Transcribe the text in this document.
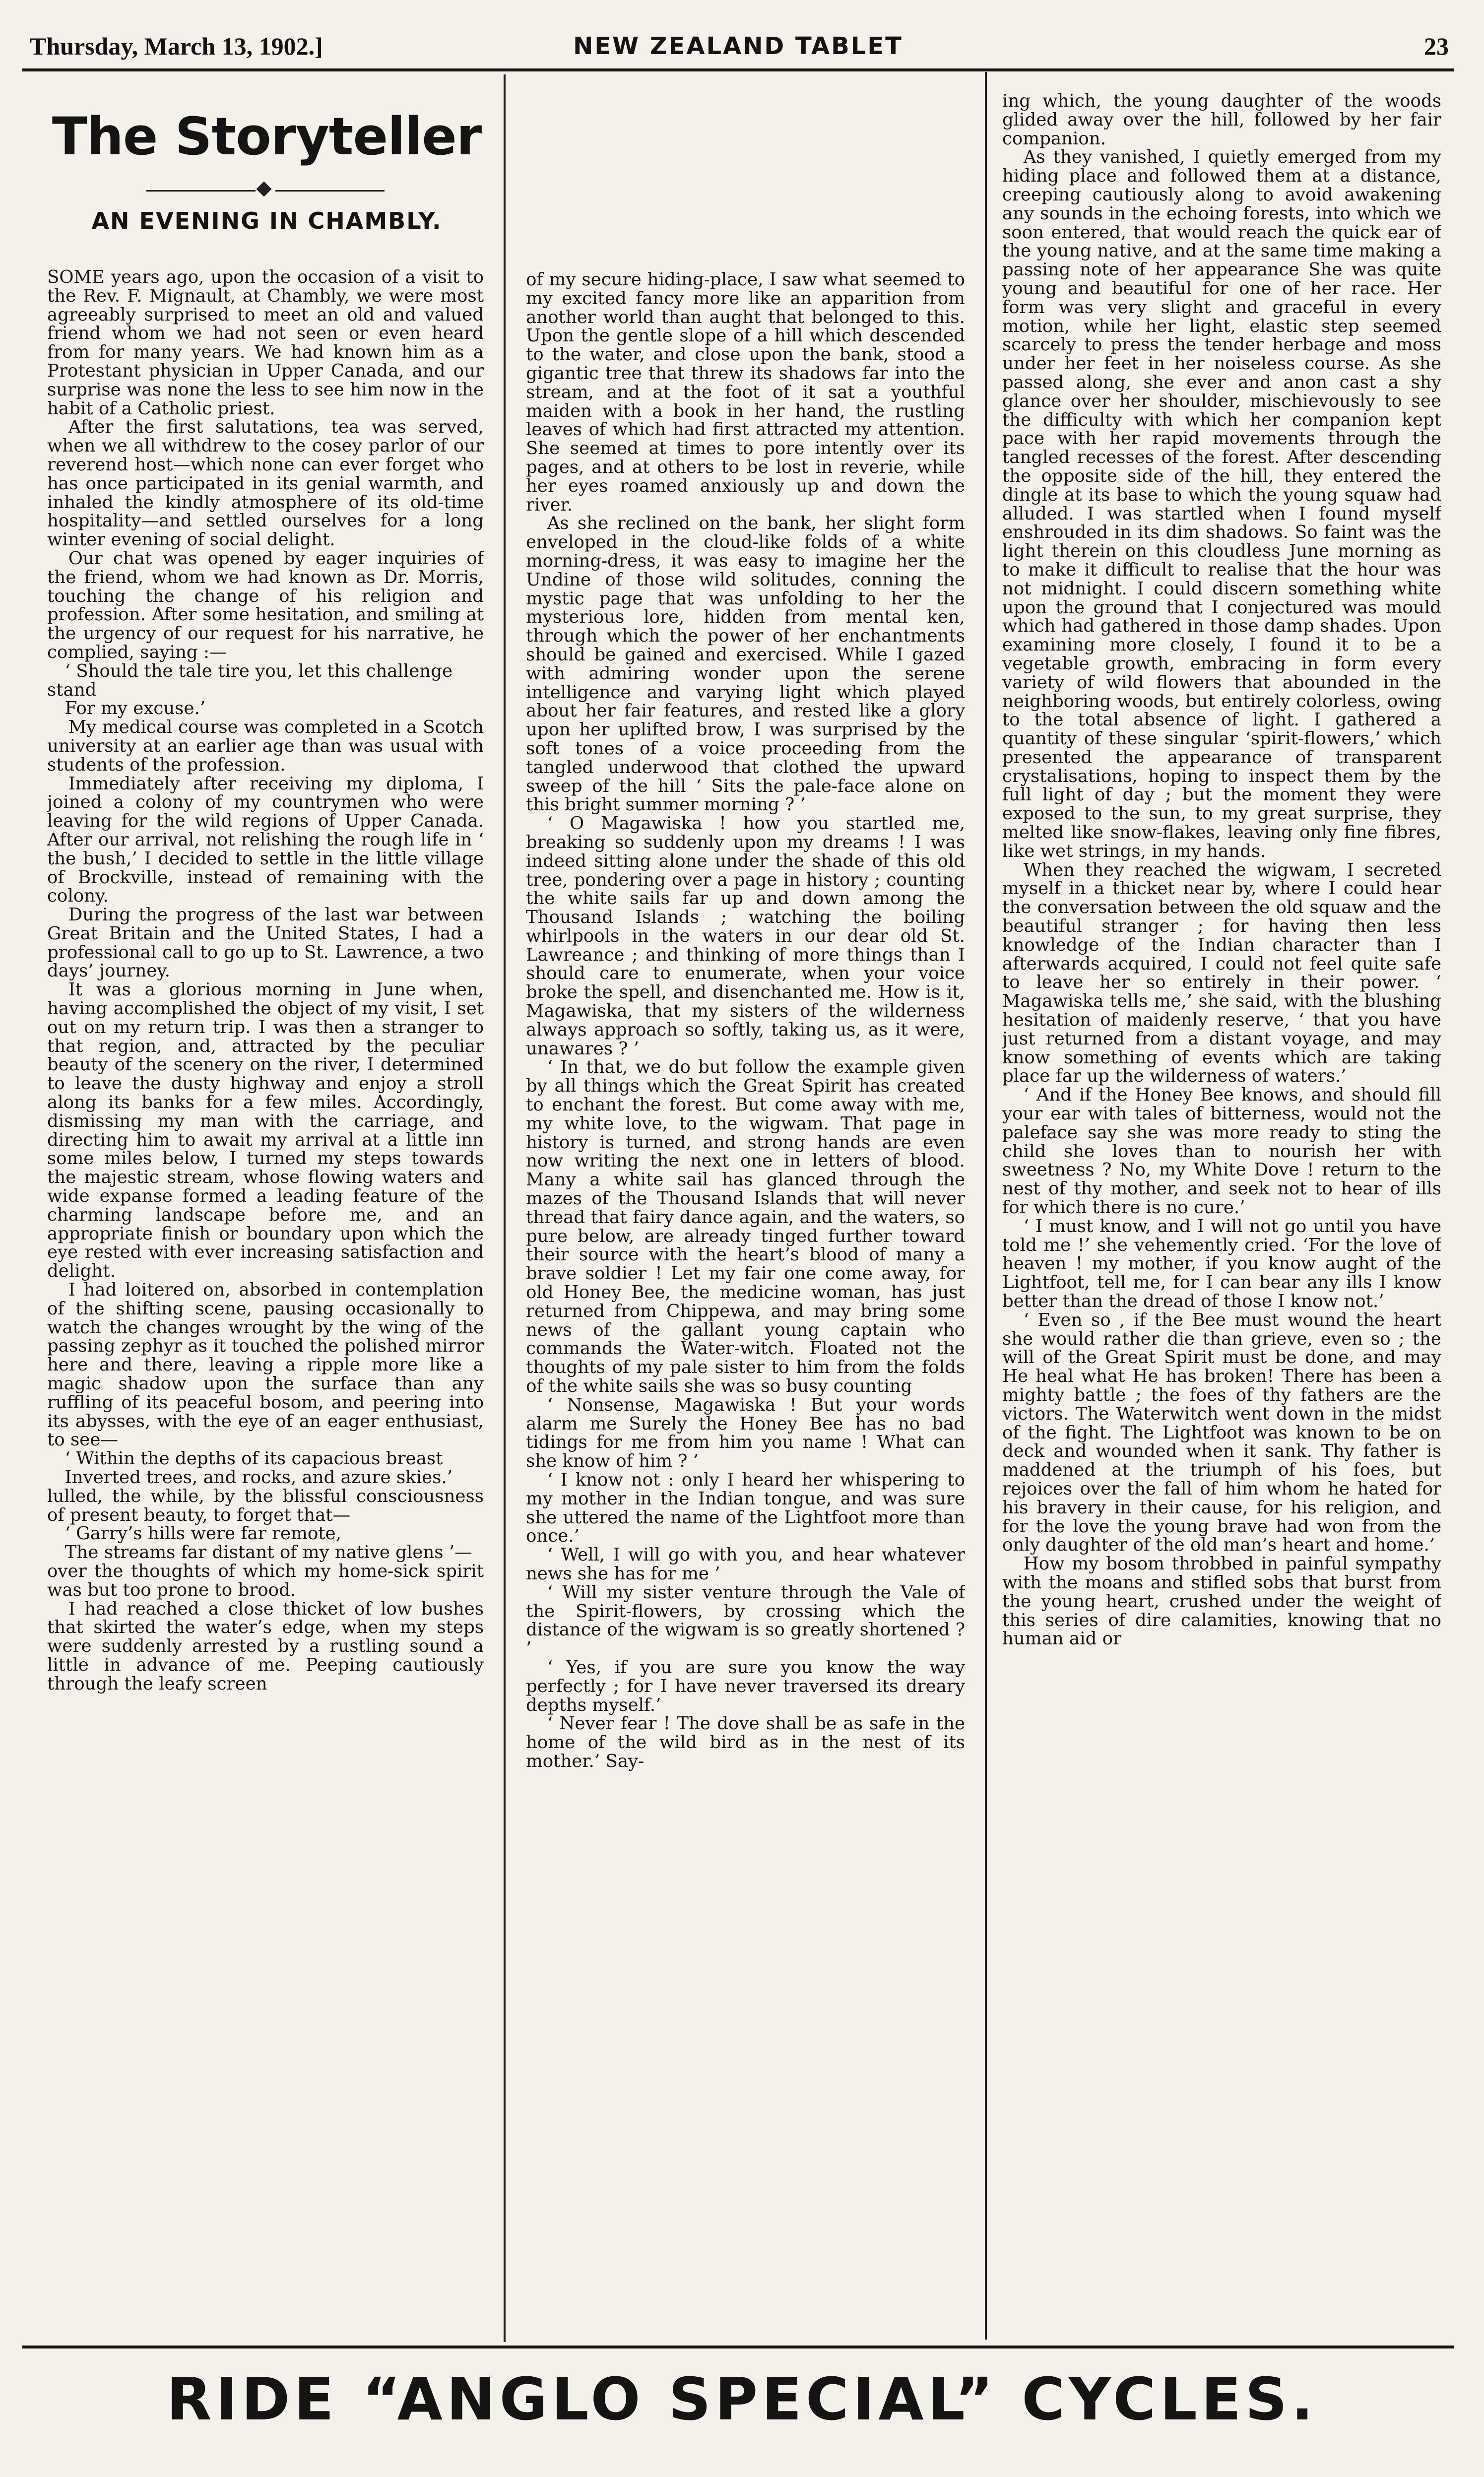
Thursday, March 13, 1902.]	NEW ZEALAND TABLET	23
The Storyteller
AN EVENING IN CHAMBLY.

SOME years ago, upon the occasion of a visit to the Rev. F. Mignault, at Chambly, we were most agreeably surprised to meet an old and valued friend whom we had not seen or even heard from for many years. We had known him as a Protestant physician in Upper Canada, and our surprise was none the less to see him now in the habit of a Catholic priest.

After the first salutations, tea was served, when we all withdrew to the cosey parlor of our reverend host—which none can ever forget who has once participated in its genial warmth, and inhaled the kindly atmosphere of its old-time hospitality—and settled ourselves for a long winter evening of social delight.

Our chat was opened by eager inquiries of the friend, whom we had known as Dr. Morris, touching the change of his religion and profession. After some hesitation, and smiling at the urgency of our request for his narrative, he complied, saying :—

‘ Should the tale tire you, let this challenge stand

For my excuse.’

My medical course was completed in a Scotch university at an earlier age than was usual with students of the profession.

Immediately after receiving my diploma, I joined a colony of my countrymen who were leaving for the wild regions of Upper Canada. After our arrival, not relishing the rough life in ‘ the bush,’ I decided to settle in the little village of Brockville, instead of remaining with the colony.

During the progress of the last war between Great Britain and the United States, I had a professional call to go up to St. Lawrence, a two days’ journey.

It was a glorious morning in June when, having accomplished the object of my visit, I set out on my return trip. I was then a stranger to that region, and, attracted by the peculiar beauty of the scenery on the river, I determined to leave the dusty highway and enjoy a stroll along its banks for a few miles. Accordingly, dismissing my man with the carriage, and directing him to await my arrival at a little inn some miles below, I turned my steps towards the majestic stream, whose flowing waters and wide expanse formed a leading feature of the charming landscape before me, and an appropriate finish or boundary upon which the eye rested with ever increasing satisfaction and delight.

I had loitered on, absorbed in contemplation of the shifting scene, pausing occasionally to watch the changes wrought by the wing of the passing zephyr as it touched the polished mirror here and there, leaving a ripple more like a magic shadow upon the surface than any ruffling of its peaceful bosom, and peering into its abysses, with the eye of an eager enthusiast, to see—

‘ Within the depths of its capacious breast

Inverted trees, and rocks, and azure skies.’

lulled, the while, by the blissful consciousness of present beauty, to forget that—

‘ Garry’s hills were far remote,

The streams far distant of my native glens ’—

over the thoughts of which my home-sick spirit was but too prone to brood.

I had reached a close thicket of low bushes that skirted the water’s edge, when my steps were suddenly arrested by a rustling sound a little in advance of me. Peeping cautiously through the leafy screen

of my secure hiding-place, I saw what seemed to my excited fancy more like an apparition from another world than aught that belonged to this. Upon the gentle slope of a hill which descended to the water, and close upon the bank, stood a gigantic tree that threw its shadows far into the stream, and at the foot of it sat a youthful maiden with a book in her hand, the rustling leaves of which had first attracted my attention. She seemed at times to pore intently over its pages, and at others to be lost in reverie, while her eyes roamed anxiously up and down the river.

As she reclined on the bank, her slight form enveloped in the cloud-like folds of a white morning-dress, it was easy to imagine her the Undine of those wild solitudes, conning the mystic page that was unfolding to her the mysterious lore, hidden from mental ken, through which the power of her enchantments should be gained and exercised. While I gazed with admiring wonder upon the serene intelligence and varying light which played about her fair features, and rested like a glory upon her uplifted brow, I was surprised by the soft tones of a voice proceeding from the tangled underwood that clothed the upward sweep of the hill ‘ Sits the pale-face alone on this bright summer morning ? ’

‘ O Magawiska ! how you startled me, breaking so suddenly upon my dreams ! I was indeed sitting alone under the shade of this old tree, pondering over a page in history ; counting the white sails far up and down among the Thousand Islands ; watching the boiling whirlpools in the waters in our dear old St. Lawreance ; and thinking of more things than I should care to enumerate, when your voice broke the spell, and disenchanted me. How is it, Magawiska, that my sisters of the wilderness always approach so softly, taking us, as it were, unawares ? ’

‘ In that, we do but follow the example given by all things which the Great Spirit has created to enchant the forest. But come away with me, my white love, to the wigwam. That page in history is turned, and strong hands are even now writing the next one in letters of blood. Many a white sail has glanced through the mazes of the Thousand Islands that will never thread that fairy dance again, and the waters, so pure below, are already tinged further toward their source with the heart’s blood of many a brave soldier ! Let my fair one come away, for old Honey Bee, the medicine woman, has just returned from Chippewa, and may bring some news of the gallant young captain who commands the Water-witch. Floated not the thoughts of my pale sister to him from the folds of the white sails she was so busy counting

‘ Nonsense, Magawiska ! But your words alarm me Surely the Honey Bee has no bad tidings for me from him you name ! What can she know of him ? ’

‘ I know not : only I heard her whispering to my mother in the Indian tongue, and was sure she uttered the name of the Lightfoot more than once.’

‘ Well, I will go with you, and hear whatever news she has for me ’

‘ Will my sister venture through the Vale of the Spirit-flowers, by crossing which the distance of the wigwam is so greatly shortened ? ’

‘ Yes, if you are sure you know the way perfectly ; for I have never traversed its dreary depths myself.’

‘ Never fear ! The dove shall be as safe in the home of the wild bird as in the nest of its mother.’ Say-

ing which, the young daughter of the woods glided away over the hill, followed by her fair companion.

As they vanished, I quietly emerged from my hiding place and followed them at a distance, creeping cautiously along to avoid awakening any sounds in the echoing forests, into which we soon entered, that would reach the quick ear of the young native, and at the same time making a passing note of her appearance She was quite young and beautiful for one of her race. Her form was very slight and graceful in every motion, while her light, elastic step seemed scarcely to press the tender herbage and moss under her feet in her noiseless course. As she passed along, she ever and anon cast a shy glance over her shoulder, mischievously to see the difficulty with which her companion kept pace with her rapid movements through the tangled recesses of the forest. After descending the opposite side of the hill, they entered the dingle at its base to which the young squaw had alluded. I was startled when I found myself enshrouded in its dim shadows. So faint was the light therein on this cloudless June morning as to make it difficult to realise that the hour was not midnight. I could discern something white upon the ground that I conjectured was mould which had gathered in those damp shades. Upon examining more closely, I found it to be a vegetable growth, embracing in form every variety of wild flowers that abounded in the neighboring woods, but entirely colorless, owing to the total absence of light. I gathered a quantity of these singular ‘spirit-flowers,’ which presented the appearance of transparent crystalisations, hoping to inspect them by the full light of day ; but the moment they were exposed to the sun, to my great surprise, they melted like snow-flakes, leaving only fine fibres, like wet strings, in my hands.

When they reached the wigwam, I secreted myself in a thicket near by, where I could hear the conversation between the old squaw and the beautiful stranger ; for having then less knowledge of the Indian character than I afterwards acquired, I could not feel quite safe to leave her so entirely in their power. ‘ Magawiska tells me,’ she said, with the blushing hesitation of maidenly reserve, ‘ that you have just returned from a distant voyage, and may know something of events which are taking place far up the wilderness of waters.’

‘ And if the Honey Bee knows, and should fill your ear with tales of bitterness, would not the paleface say she was more ready to sting the child she loves than to nourish her with sweetness ? No, my White Dove ! return to the nest of thy mother, and seek not to hear of ills for which there is no cure.’

‘ I must know, and I will not go until you have told me !’ she vehemently cried. ‘For the love of heaven ! my mother, if you know aught of the Lightfoot, tell me, for I can bear any ills I know better than the dread of those I know not.’

‘ Even so , if the Bee must wound the heart she would rather die than grieve, even so ; the will of the Great Spirit must be done, and may He heal what He has broken! There has been a mighty battle ; the foes of thy fathers are the victors. The Waterwitch went down in the midst of the fight. The Lightfoot was known to be on deck and wounded when it sank. Thy father is maddened at the triumph of his foes, but rejoices over the fall of him whom he hated for his bravery in their cause, for his religion, and for the love the young brave had won from the only daughter of the old man’s heart and home.’

How my bosom throbbed in painful sympathy with the moans and stifled sobs that burst from the young heart, crushed under the weight of this series of dire calamities, knowing that no human aid or

RIDE “ANGLO SPECIAL” CYCLES.
